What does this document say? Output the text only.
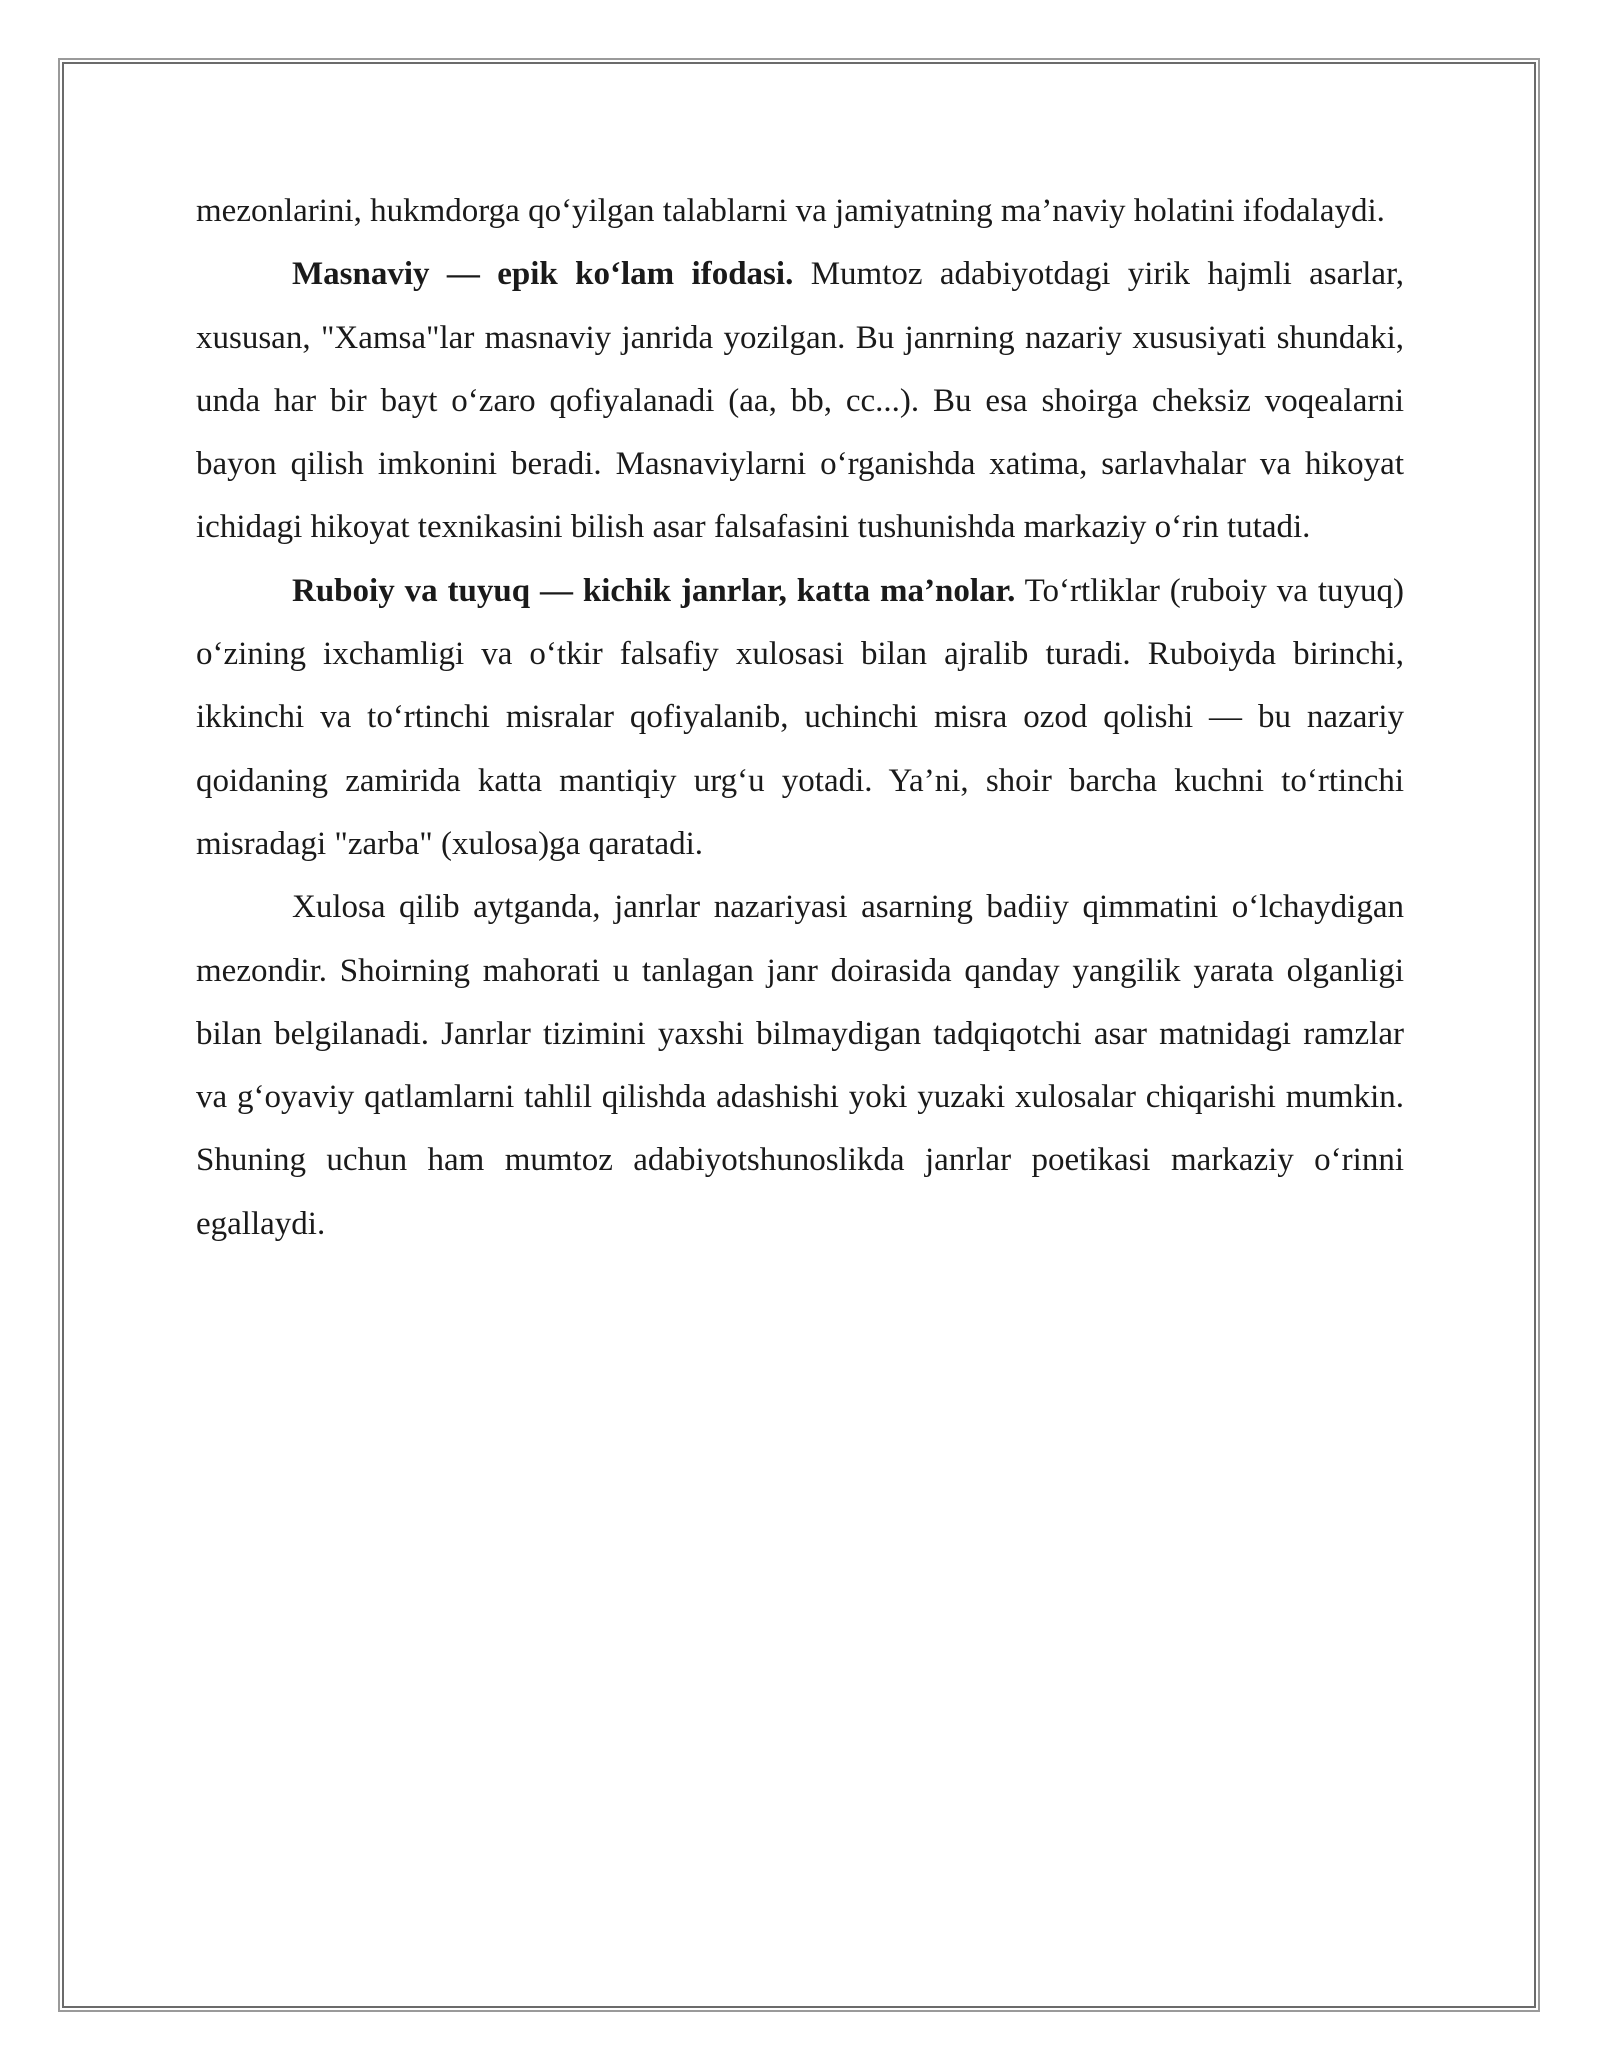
mezonlarini, hukmdorga qo‘yilgan talablarni va jamiyatning ma’naviy holatini ifodalaydi.

Masnaviy — epik ko‘lam ifodasi. Mumtoz adabiyotdagi yirik hajmli asarlar, xususan, "Xamsa"lar masnaviy janrida yozilgan. Bu janrning nazariy xususiyati shundaki, unda har bir bayt o‘zaro qofiyalanadi (aa, bb, cc...). Bu esa shoirga cheksiz voqealarni bayon qilish imkonini beradi. Masnaviylarni o‘rganishda xatima, sarlavhalar va hikoyat ichidagi hikoyat texnikasini bilish asar falsafasini tushunishda markaziy o‘rin tutadi.

Ruboiy va tuyuq — kichik janrlar, katta ma’nolar. To‘rtliklar (ruboiy va tuyuq) o‘zining ixchamligi va o‘tkir falsafiy xulosasi bilan ajralib turadi. Ruboiyda birinchi, ikkinchi va to‘rtinchi misralar qofiyalanib, uchinchi misra ozod qolishi — bu nazariy qoidaning zamirida katta mantiqiy urg‘u yotadi. Ya’ni, shoir barcha kuchni to‘rtinchi misradagi "zarba" (xulosa)ga qaratadi.

Xulosa qilib aytganda, janrlar nazariyasi asarning badiiy qimmatini o‘lchaydigan mezondir. Shoirning mahorati u tanlagan janr doirasida qanday yangilik yarata olganligi bilan belgilanadi. Janrlar tizimini yaxshi bilmaydigan tadqiqotchi asar matnidagi ramzlar va g‘oyaviy qatlamlarni tahlil qilishda adashishi yoki yuzaki xulosalar chiqarishi mumkin. Shuning uchun ham mumtoz adabiyotshunoslikda janrlar poetikasi markaziy o‘rinni egallaydi.
